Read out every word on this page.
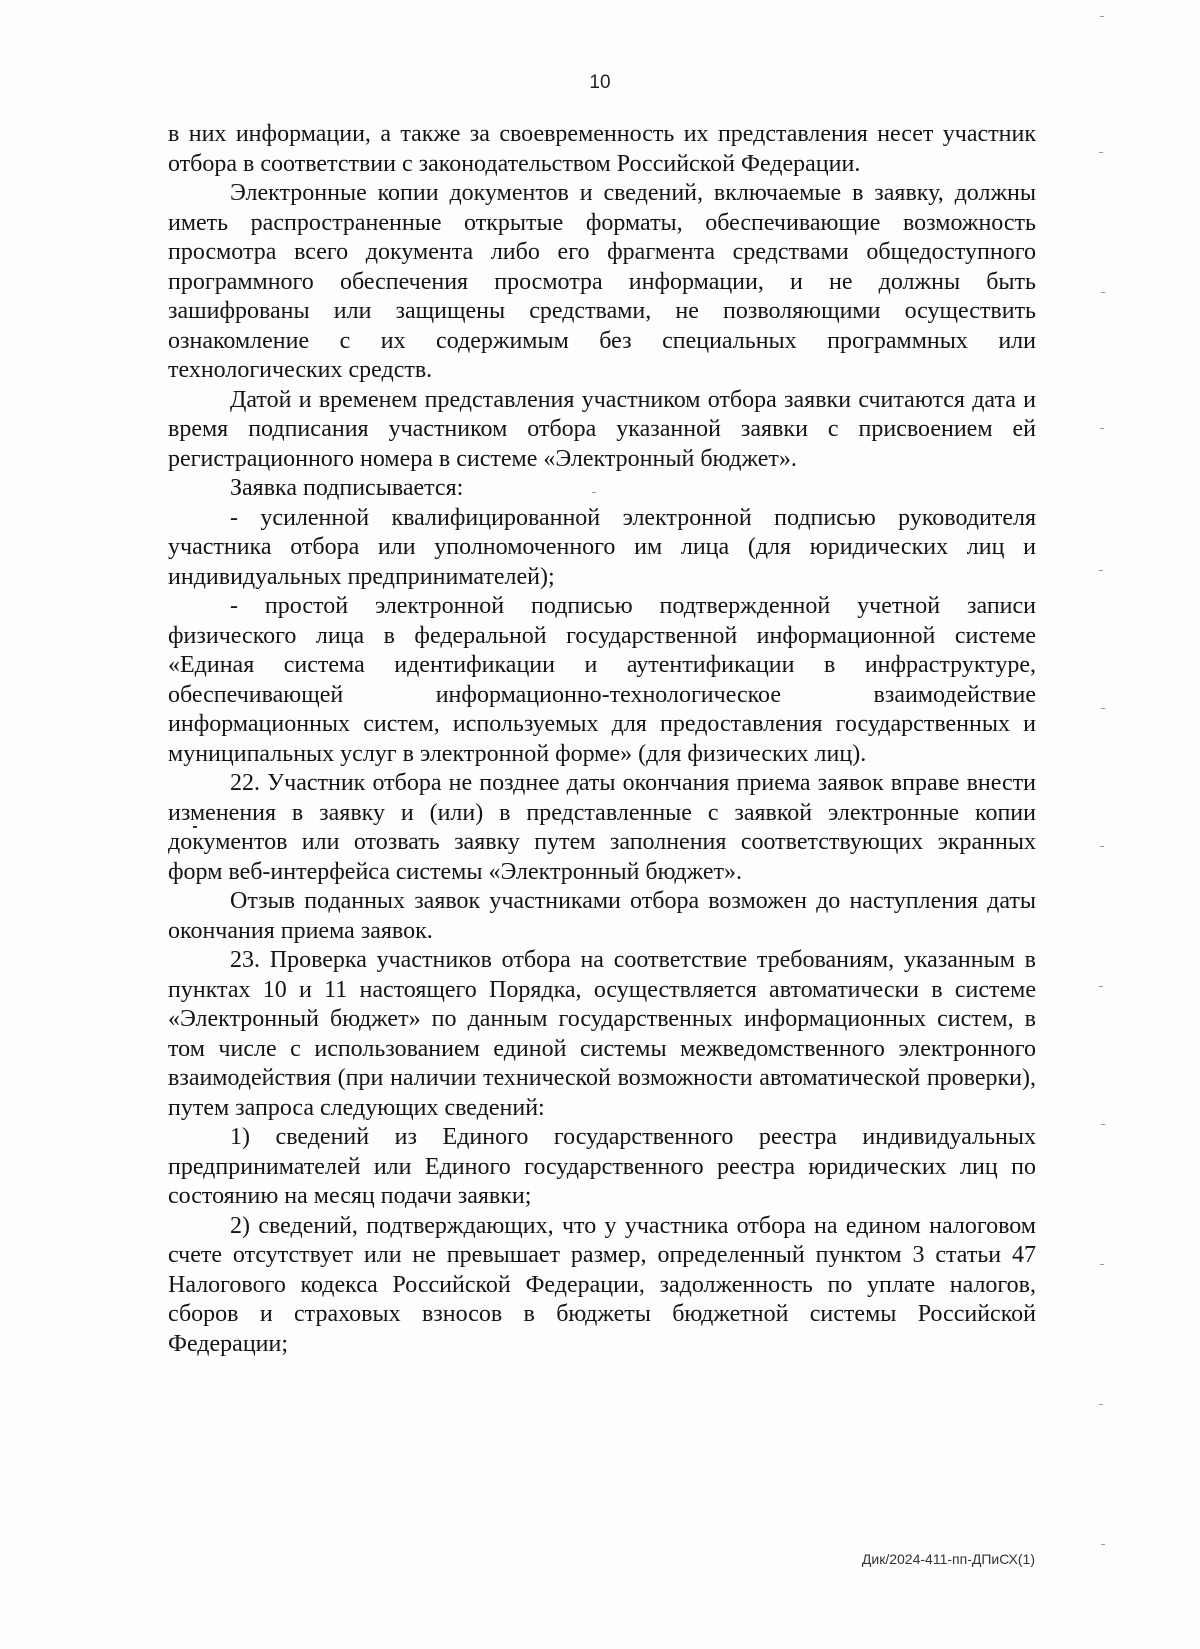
10

в них информации, а также за своевременность их представления несет участник отбора в соответствии с законодательством Российской Федерации.

Электронные копии документов и сведений, включаемые в заявку, должны иметь распространенные открытые форматы, обеспечивающие возможность просмотра всего документа либо его фрагмента средствами общедоступного программного обеспечения просмотра информации, и не должны быть зашифрованы или защищены средствами, не позволяющими осуществить ознакомление с их содержимым без специальных программных или технологических средств.

Датой и временем представления участником отбора заявки считаются дата и время подписания участником отбора указанной заявки с присвоением ей регистрационного номера в системе «Электронный бюджет».

Заявка подписывается:

- усиленной квалифицированной электронной подписью руководителя участника отбора или уполномоченного им лица (для юридических лиц и индивидуальных предпринимателей);

- простой электронной подписью подтвержденной учетной записи физического лица в федеральной государственной информационной системе «Единая система идентификации и аутентификации в инфраструктуре, обеспечивающей информационно-технологическое взаимодействие информационных систем, используемых для предоставления государственных и муниципальных услуг в электронной форме» (для физических лиц).

22. Участник отбора не позднее даты окончания приема заявок вправе внести изменения в заявку и (или) в представленные с заявкой электронные копии документов или отозвать заявку путем заполнения соответствующих экранных форм веб-интерфейса системы «Электронный бюджет».

Отзыв поданных заявок участниками отбора возможен до наступления даты окончания приема заявок.

23. Проверка участников отбора на соответствие требованиям, указанным в пунктах 10 и 11 настоящего Порядка, осуществляется автоматически в системе «Электронный бюджет» по данным государственных информационных систем, в том числе с использованием единой системы межведомственного электронного взаимодействия (при наличии технической возможности автоматической проверки), путем запроса следующих сведений:

1) сведений из Единого государственного реестра индивидуальных предпринимателей или Единого государственного реестра юридических лиц по состоянию на месяц подачи заявки;

2) сведений, подтверждающих, что у участника отбора на едином налоговом счете отсутствует или не превышает размер, определенный пунктом 3 статьи 47 Налогового кодекса Российской Федерации, задолженность по уплате налогов, сборов и страховых взносов в бюджеты бюджетной системы Российской Федерации;

Дик/2024-411-пп-ДПиСХ(1)
